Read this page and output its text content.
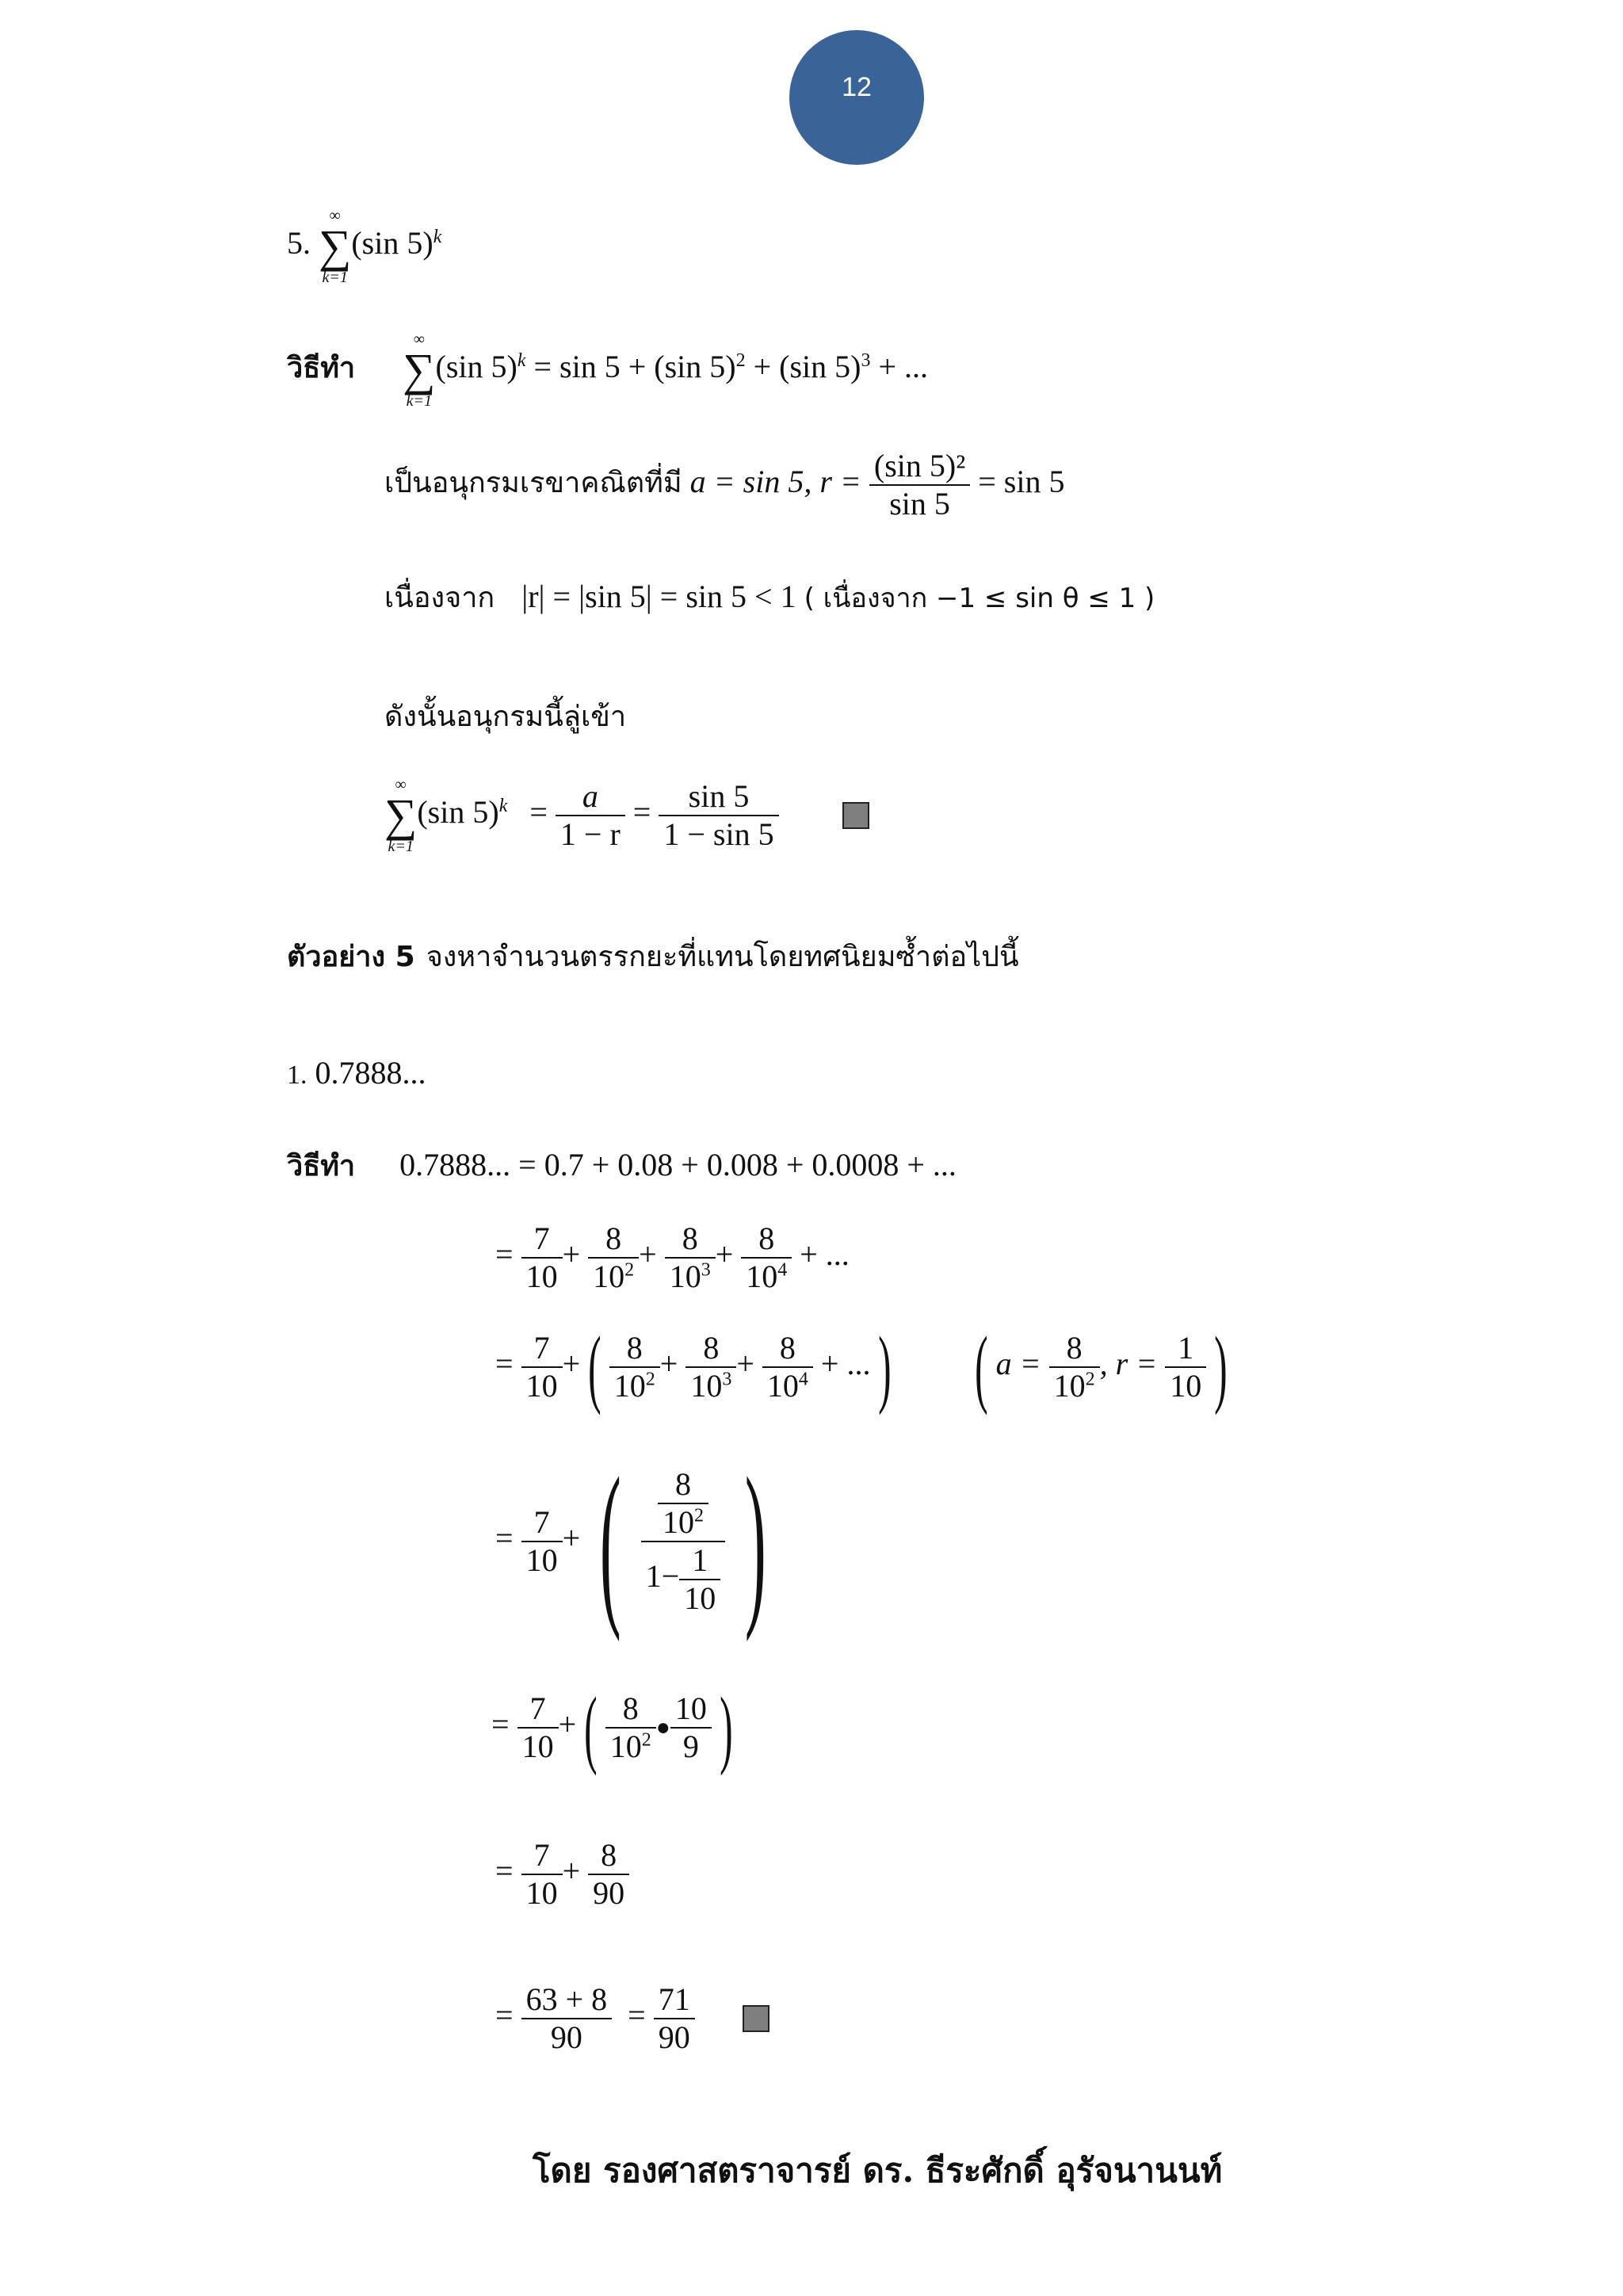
12
5. ∞
∑
k=1(sin 5)$^k$
วิธีทำ  ∞
∑
k=1(sin 5)$^k$ = sin 5 + (sin 5)$^2$ + (sin 5)$^3$ + ...
เป็นอนุกรมเรขาคณิตที่มี a = sin 5, $r = \frac{\text{(sin 5)²}}{\sin 5} = \sin 5$
เนื่องจาก |r| = |sin 5| = sin 5 < 1 ( เนื่องจาก −1 ≤ sin θ ≤ 1 )
ดังนั้นอนุกรมนี้ลู่เข้า
∞
∑
k=1(sin $5)^k = \frac{a}{1 - r} = \frac{\sin 5}{1 - \sin 5}$

ตัวอย่าง 5 จงหาจำนวนตรรกยะที่แทนโดยทศนิยมซ้ำต่อไปนี้
1. 0.7888...
วิธีทำ 0.7888... = 0.7 + 0.08 + 0.008 + 0.0008 + ...
= $\frac{7}{10} + \frac{8}{10^2} + \frac{8}{10^3} + \frac{8}{10^4}$ + ...
= $\frac{7}{10}$ +( $\frac{8}{10^2} + \frac{8}{10^3} + \frac{8}{10^4}$ + ...) ( $a = \frac{8}{10^2}$ , $r = \frac{1}{10}$ )
= $\frac{7}{10}$ + ( $\frac{\frac{8}{10^2}}{1- \frac{1}{10}}$ )
= $\frac{7}{10}$ +( $\frac{8}{10^2}$ ● $\frac{10}{9}$ )
= $\frac{7}{10} + \frac{8}{90}$
= $\frac{63 + 8}{90} = \frac{71}{90}$

โดย รองศาสตราจารย์ ดร. ธีระศักดิ์ อุรัจนานนท์
